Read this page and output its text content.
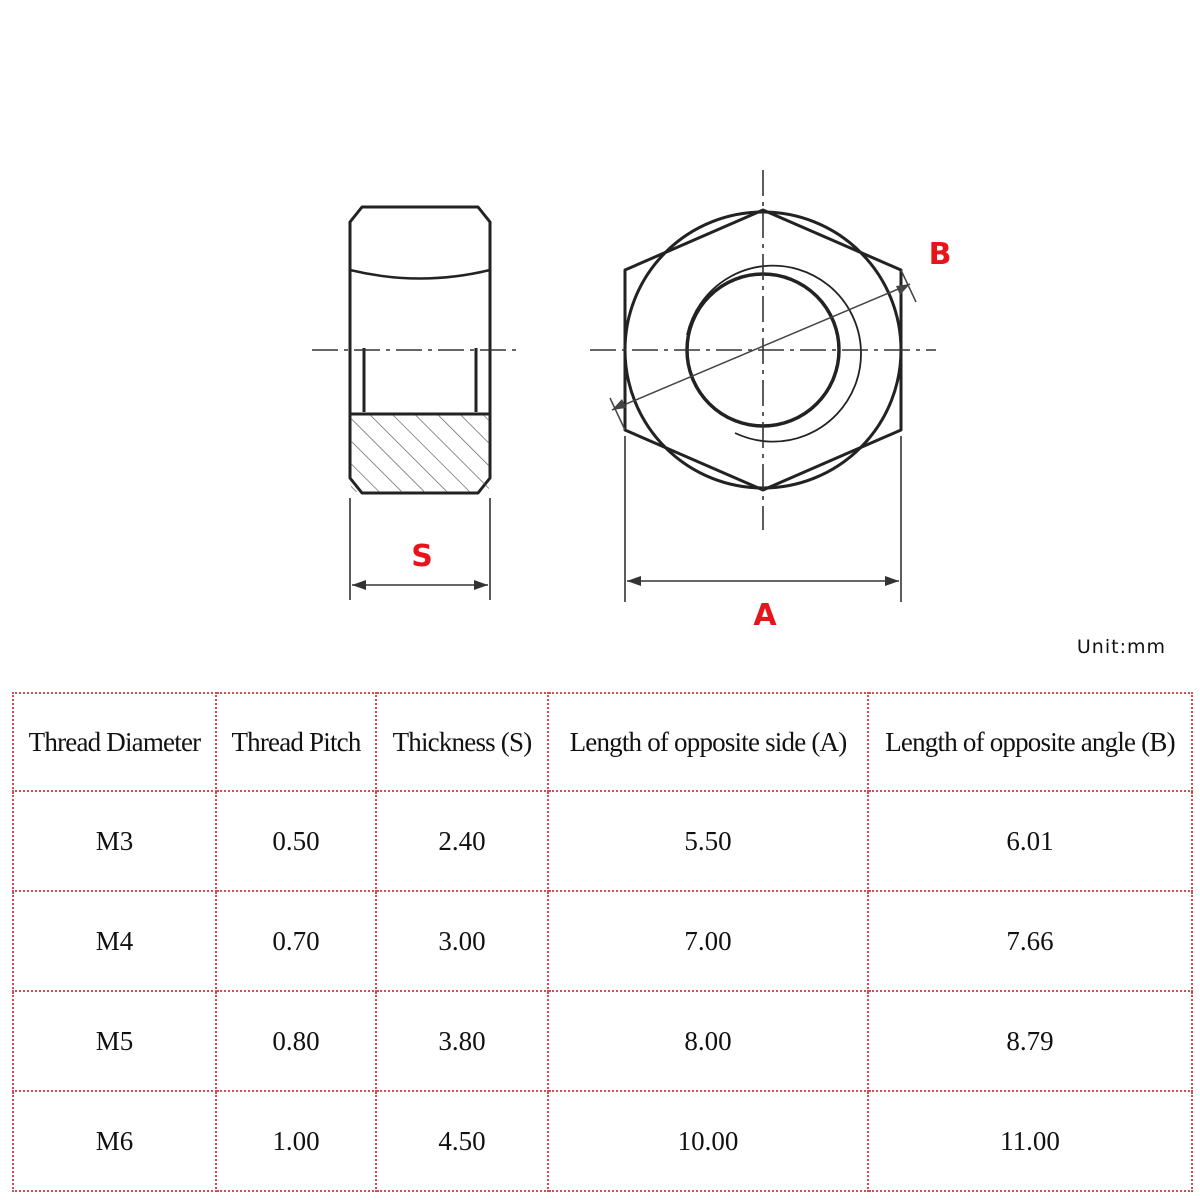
S
B
A
Unit:mm
Thread Diameter	Thread Pitch	Thickness (S)	Length of opposite side (A)	Length of opposite angle (B)
M3	0.50	2.40	5.50	6.01
M4	0.70	3.00	7.00	7.66
M5	0.80	3.80	8.00	8.79
M6	1.00	4.50	10.00	11.00
